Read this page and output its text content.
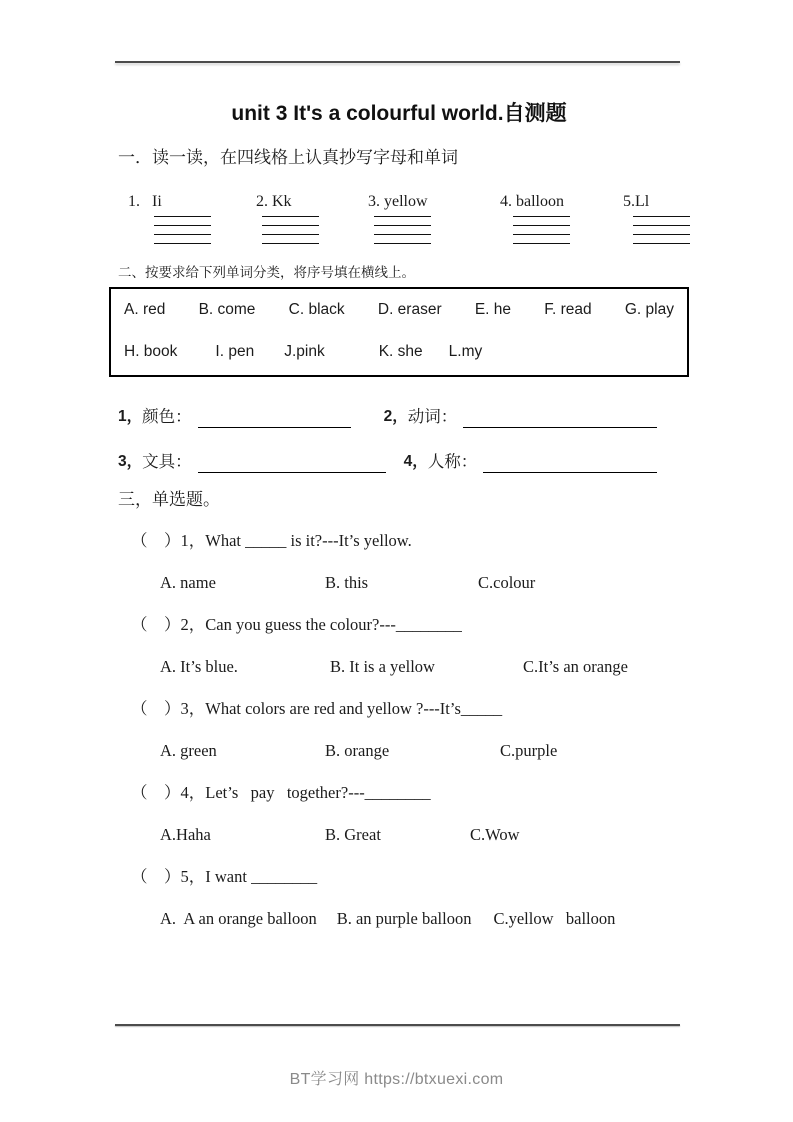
unit 3 It's a colourful world.自测题
一．读一读，在四线格上认真抄写字母和单词
1.   Ii	2. Kk	3. yellow	4. balloon	5.Ll
二、按要求给下列单词分类，将序号填在横线上。
A. red B. come C. black D. eraser E. he F. read G. play
H. book I. pen J.pink	K. she L.my
1， 颜色：	2， 动词：
3， 文具：	4， 人称：
三，单选题。
（　）1，What _____ is it?---It’s yellow.
A. name	B. this	C.colour
（　）2，Can you guess the colour?---________
A. It’s blue.	B. It is a yellow	C.It’s an orange
（　）3，What colors are red and yellow ?---It’s_____
A. green	B. orange	C.purple
（　）4，Let’s   pay   together?---________
A.Haha	B. Great	C.Wow
（　）5，I want ________
A.  A an orange balloon B. an purple balloon C.yellow   balloon
BT学习网 https://btxuexi.com
